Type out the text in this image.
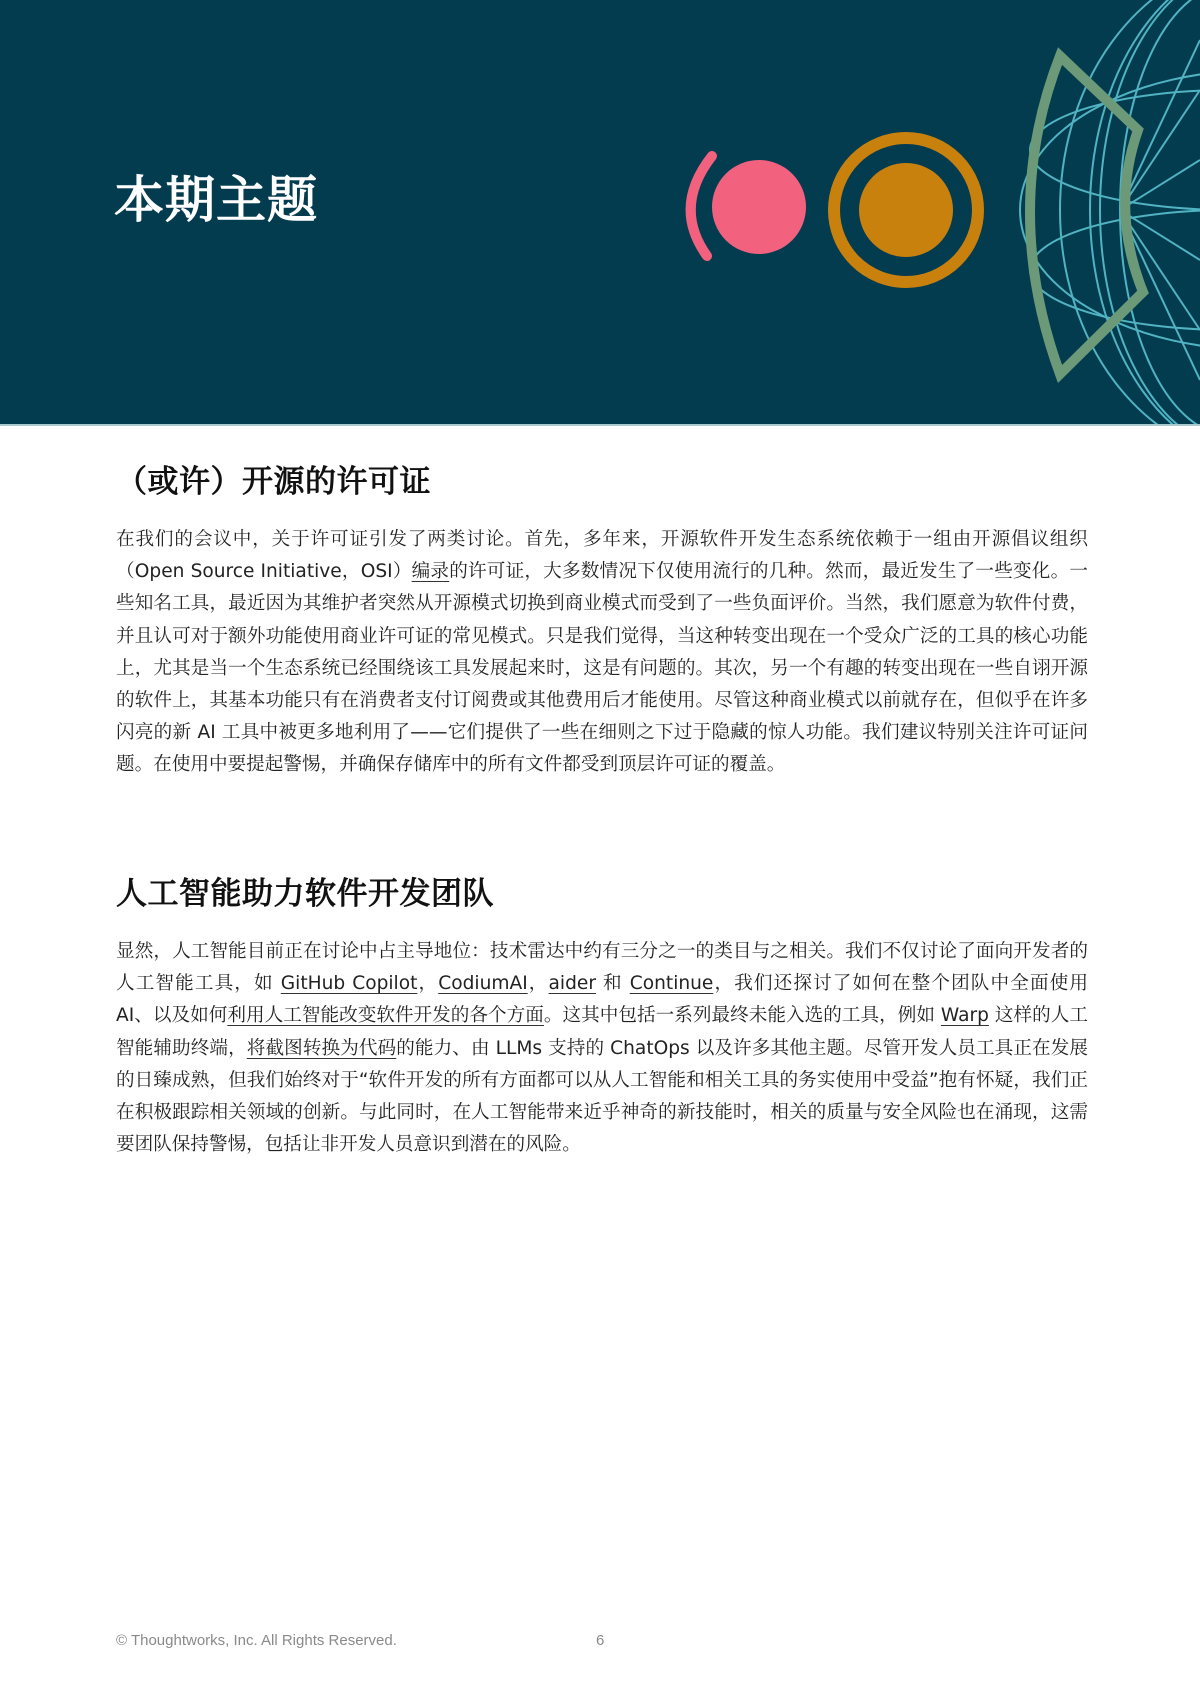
本期主题
（或许）开源的许可证

在我们的会议中，关于许可证引发了两类讨论。首先，多年来，开源软件开发生态系统依赖于一组由开源倡议组织（Open Source Initiative，OSI）编录的许可证，大多数情况下仅使用流行的几种。然而，最近发生了一些变化。一些知名工具，最近因为其维护者突然从开源模式切换到商业模式而受到了一些负面评价。当然，我们愿意为软件付费，并且认可对于额外功能使用商业许可证的常见模式。只是我们觉得，当这种转变出现在一个受众广泛的工具的核心功能上，尤其是当一个生态系统已经围绕该工具发展起来时，这是有问题的。其次，另一个有趣的转变出现在一些自诩开源的软件上，其基本功能只有在消费者支付订阅费或其他费用后才能使用。尽管这种商业模式以前就存在，但似乎在许多闪亮的新 AI 工具中被更多地利用了——它们提供了一些在细则之下过于隐藏的惊人功能。我们建议特别关注许可证问题。在使用中要提起警惕，并确保存储库中的所有文件都受到顶层许可证的覆盖。

人工智能助力软件开发团队

显然，人工智能目前正在讨论中占主导地位：技术雷达中约有三分之一的类目与之相关。我们不仅讨论了面向开发者的人工智能工具，如 GitHub Copilot，CodiumAI，aider 和 Continue，我们还探讨了如何在整个团队中全面使用 AI、以及如何利用人工智能改变软件开发的各个方面。这其中包括一系列最终未能入选的工具，例如 Warp 这样的人工智能辅助终端，将截图转换为代码的能力、由 LLMs 支持的 ChatOps 以及许多其他主题。尽管开发人员工具正在发展的日臻成熟，但我们始终对于“软件开发的所有方面都可以从人工智能和相关工具的务实使用中受益”抱有怀疑，我们正在积极跟踪相关领域的创新。与此同时，在人工智能带来近乎神奇的新技能时，相关的质量与安全风险也在涌现，这需要团队保持警惕，包括让非开发人员意识到潜在的风险。

© Thoughtworks, Inc. All Rights Reserved.	6
